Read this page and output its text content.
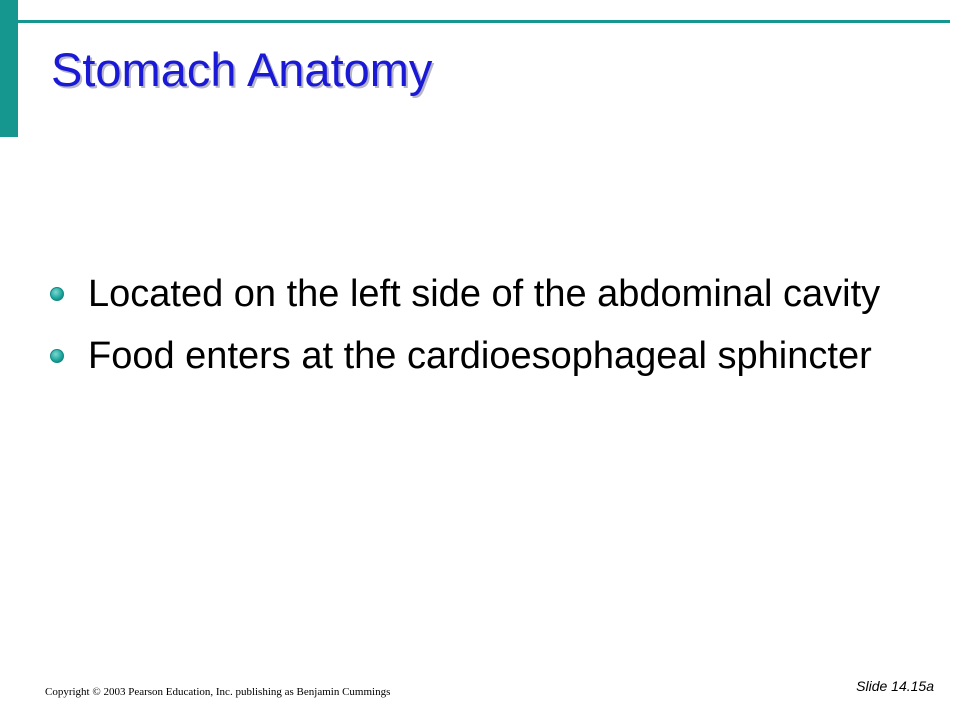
Stomach Anatomy
Located on the left side of the abdominal cavity
Food enters at the cardioesophageal sphincter
Copyright © 2003 Pearson Education, Inc. publishing as Benjamin Cummings	Slide 14.15a
